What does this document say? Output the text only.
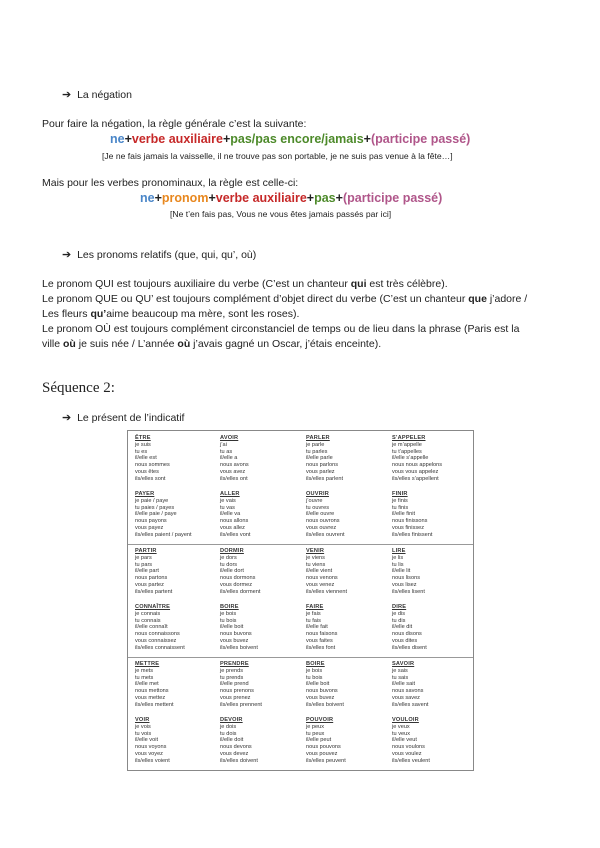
➔ La négation
Pour faire la négation, la règle générale c’est la suivante:
ne+verbe auxiliaire+pas/pas encore/jamais+(participe passé)
[Je ne fais jamais la vaisselle, il ne trouve pas son portable, je ne suis pas venue à la fête…]
Mais pour les verbes pronominaux, la règle est celle-ci:
ne+pronom+verbe auxiliaire+pas+(participe passé)
[Ne t’en fais pas, Vous ne vous êtes jamais passés par ici]
➔ Les pronoms relatifs (que, qui, qu’, où)
Le pronom QUI est toujours auxiliaire du verbe (C’est un chanteur qui est très célèbre).
Le pronom QUE ou QU’ est toujours complément d’objet direct du verbe (C’est un chanteur que j’adore /
Les fleurs qu’aime beaucoup ma mère, sont les roses).
Le pronom OÙ est toujours complément circonstanciel de temps ou de lieu dans la phrase (Paris est la
ville où je suis née / L’année où j’avais gagné un Oscar, j’étais enceinte).
Séquence 2:
➔ Le présent de l’indicatif
ÊTRE
je suis
tu es
il/elle est
nous sommes
vous êtes
ils/elles sont
AVOIR
j’ai
tu as
il/elle a
nous avons
vous avez
ils/elles ont
PARLER
je parle
tu parles
il/elle parle
nous parlons
vous parlez
ils/elles parlent
S’APPELER
je m’appelle
tu t’appelles
il/elle s’appelle
nous nous appelons
vous vous appelez
ils/elles s’appellent
PAYER
je paie / paye
tu paies / payes
il/elle paie / paye
nous payons
vous payez
ils/elles paient / payent
ALLER
je vais
tu vas
il/elle va
nous allons
vous allez
ils/elles vont
OUVRIR
j’ouvre
tu ouvres
il/elle ouvre
nous ouvrons
vous ouvrez
ils/elles ouvrent
FINIR
je finis
tu finis
il/elle finit
nous finissons
vous finissez
ils/elles finissent
PARTIR
je pars
tu pars
il/elle part
nous partons
vous partez
ils/elles partent
DORMIR
je dors
tu dors
il/elle dort
nous dormons
vous dormez
ils/elles dorment
VENIR
je viens
tu viens
il/elle vient
nous venons
vous venez
ils/elles viennent
LIRE
je lis
tu lis
il/elle lit
nous lisons
vous lisez
ils/elles lisent
CONNAÎTRE
je connais
tu connais
il/elle connaît
nous connaissons
vous connaissez
ils/elles connaissent
BOIRE
je bois
tu bois
il/elle boit
nous buvons
vous buvez
ils/elles boivent
FAIRE
je fais
tu fais
il/elle fait
nous faisons
vous faites
ils/elles font
DIRE
je dis
tu dis
il/elle dit
nous disons
vous dites
ils/elles disent
METTRE
je mets
tu mets
il/elle met
nous mettons
vous mettez
ils/elles mettent
PRENDRE
je prends
tu prends
il/elle prend
nous prenons
vous prenez
ils/elles prennent
BOIRE
je bois
tu bois
il/elle boit
nous buvons
vous buvez
ils/elles boivent
SAVOIR
je sais
tu sais
il/elle sait
nous savons
vous savez
ils/elles savent
VOIR
je vois
tu vois
il/elle voit
nous voyons
vous voyez
ils/elles voient
DEVOIR
je dois
tu dois
il/elle doit
nous devons
vous devez
ils/elles doivent
POUVOIR
je peux
tu peux
il/elle peut
nous pouvons
vous pouvez
ils/elles peuvent
VOULOIR
je veux
tu veux
il/elle veut
nous voulons
vous voulez
ils/elles veulent
